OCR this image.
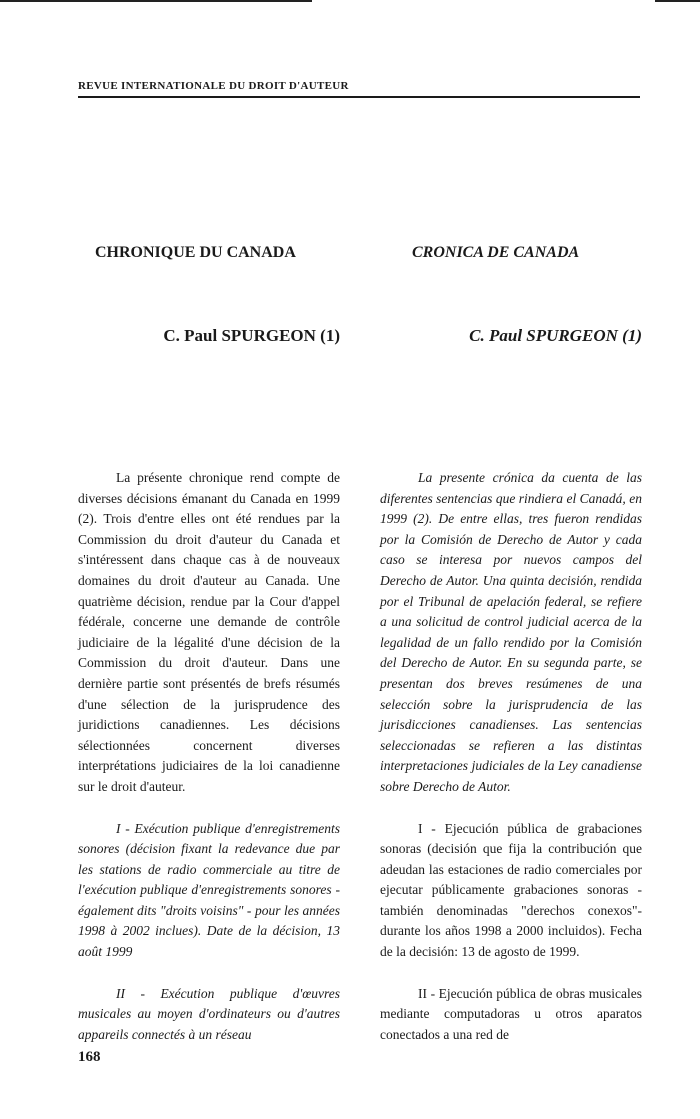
REVUE INTERNATIONALE DU DROIT D'AUTEUR
CHRONIQUE DU CANADA
C. Paul SPURGEON (1)

La présente chronique rend compte de diverses décisions émanant du Canada en 1999 (2). Trois d'entre elles ont été rendues par la Commission du droit d'auteur du Canada et s'intéressent dans chaque cas à de nouveaux domaines du droit d'auteur au Canada. Une quatrième décision, rendue par la Cour d'appel fédérale, concerne une demande de contrôle judiciaire de la légalité d'une décision de la Commission du droit d'auteur. Dans une dernière partie sont présentés de brefs résumés d'une sélection de la jurisprudence des juridictions canadiennes. Les décisions sélectionnées concernent diverses interprétations judiciaires de la loi canadienne sur le droit d'auteur.

I - Exécution publique d'enregistrements sonores (décision fixant la redevance due par les stations de radio commerciale au titre de l'exécution publique d'enregistrements sonores - également dits "droits voisins" - pour les années 1998 à 2002 inclues). Date de la décision, 13 août 1999

II - Exécution publique d'œuvres musicales au moyen d'ordinateurs ou d'autres appareils connectés à un réseau

CRONICA DE CANADA
C. Paul SPURGEON (1)

La presente crónica da cuenta de las diferentes sentencias que rindiera el Canadá, en 1999 (2). De entre ellas, tres fueron rendidas por la Comisión de Derecho de Autor y cada caso se interesa por nuevos campos del Derecho de Autor. Una quinta decisión, rendida por el Tribunal de apelación federal, se refiere a una solicitud de control judicial acerca de la legalidad de un fallo rendido por la Comisión del Derecho de Autor. En su segunda parte, se presentan dos breves resúmenes de una selección sobre la jurisprudencia de las jurisdicciones canadienses. Las sentencias seleccionadas se refieren a las distintas interpretaciones judiciales de la Ley canadiense sobre Derecho de Autor.

I - Ejecución pública de grabaciones sonoras (decisión que fija la contribución que adeudan las estaciones de radio comerciales por ejecutar públicamente grabaciones sonoras -también denominadas "derechos conexos"- durante los años 1998 a 2000 incluidos). Fecha de la decisión: 13 de agosto de 1999.

II - Ejecución pública de obras musicales mediante computadoras u otros aparatos conectados a una red de

168
